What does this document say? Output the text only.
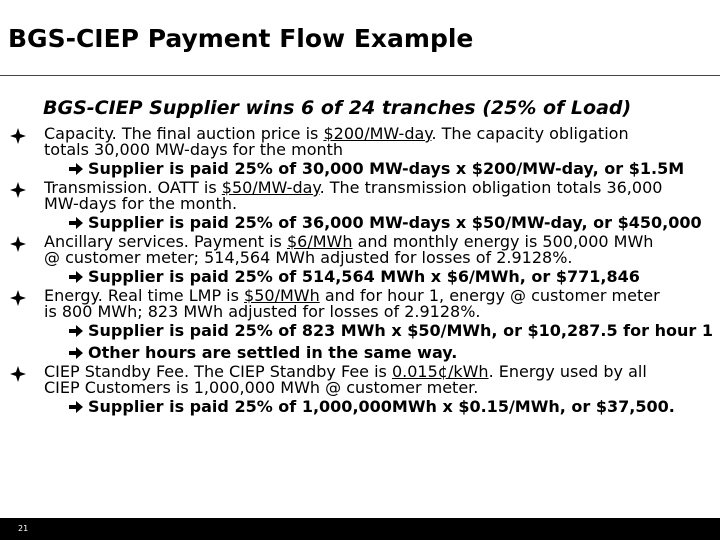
BGS-CIEP Payment Flow Example
BGS-CIEP Supplier wins 6 of 24 tranches (25% of Load)
Capacity. The final auction price is $200/MW-day. The capacity obligation
totals 30,000 MW-days for the month
Supplier is paid 25% of 30,000 MW-days x $200/MW-day, or $1.5M
Transmission. OATT is $50/MW-day. The transmission obligation totals 36,000
MW-days for the month.
Supplier is paid 25% of 36,000 MW-days x $50/MW-day, or $450,000
Ancillary services. Payment is $6/MWh and monthly energy is 500,000 MWh
@ customer meter; 514,564 MWh adjusted for losses of 2.9128%.
Supplier is paid 25% of 514,564 MWh x $6/MWh, or $771,846
Energy. Real time LMP is $50/MWh and for hour 1, energy @ customer meter
is 800 MWh; 823 MWh adjusted for losses of 2.9128%.
Supplier is paid 25% of 823 MWh x $50/MWh, or $10,287.5 for hour 1
Other hours are settled in the same way.
CIEP Standby Fee. The CIEP Standby Fee is 0.015¢/kWh. Energy used by all
CIEP Customers is 1,000,000 MWh @ customer meter.
Supplier is paid 25% of 1,000,000MWh x $0.15/MWh, or $37,500.
21
